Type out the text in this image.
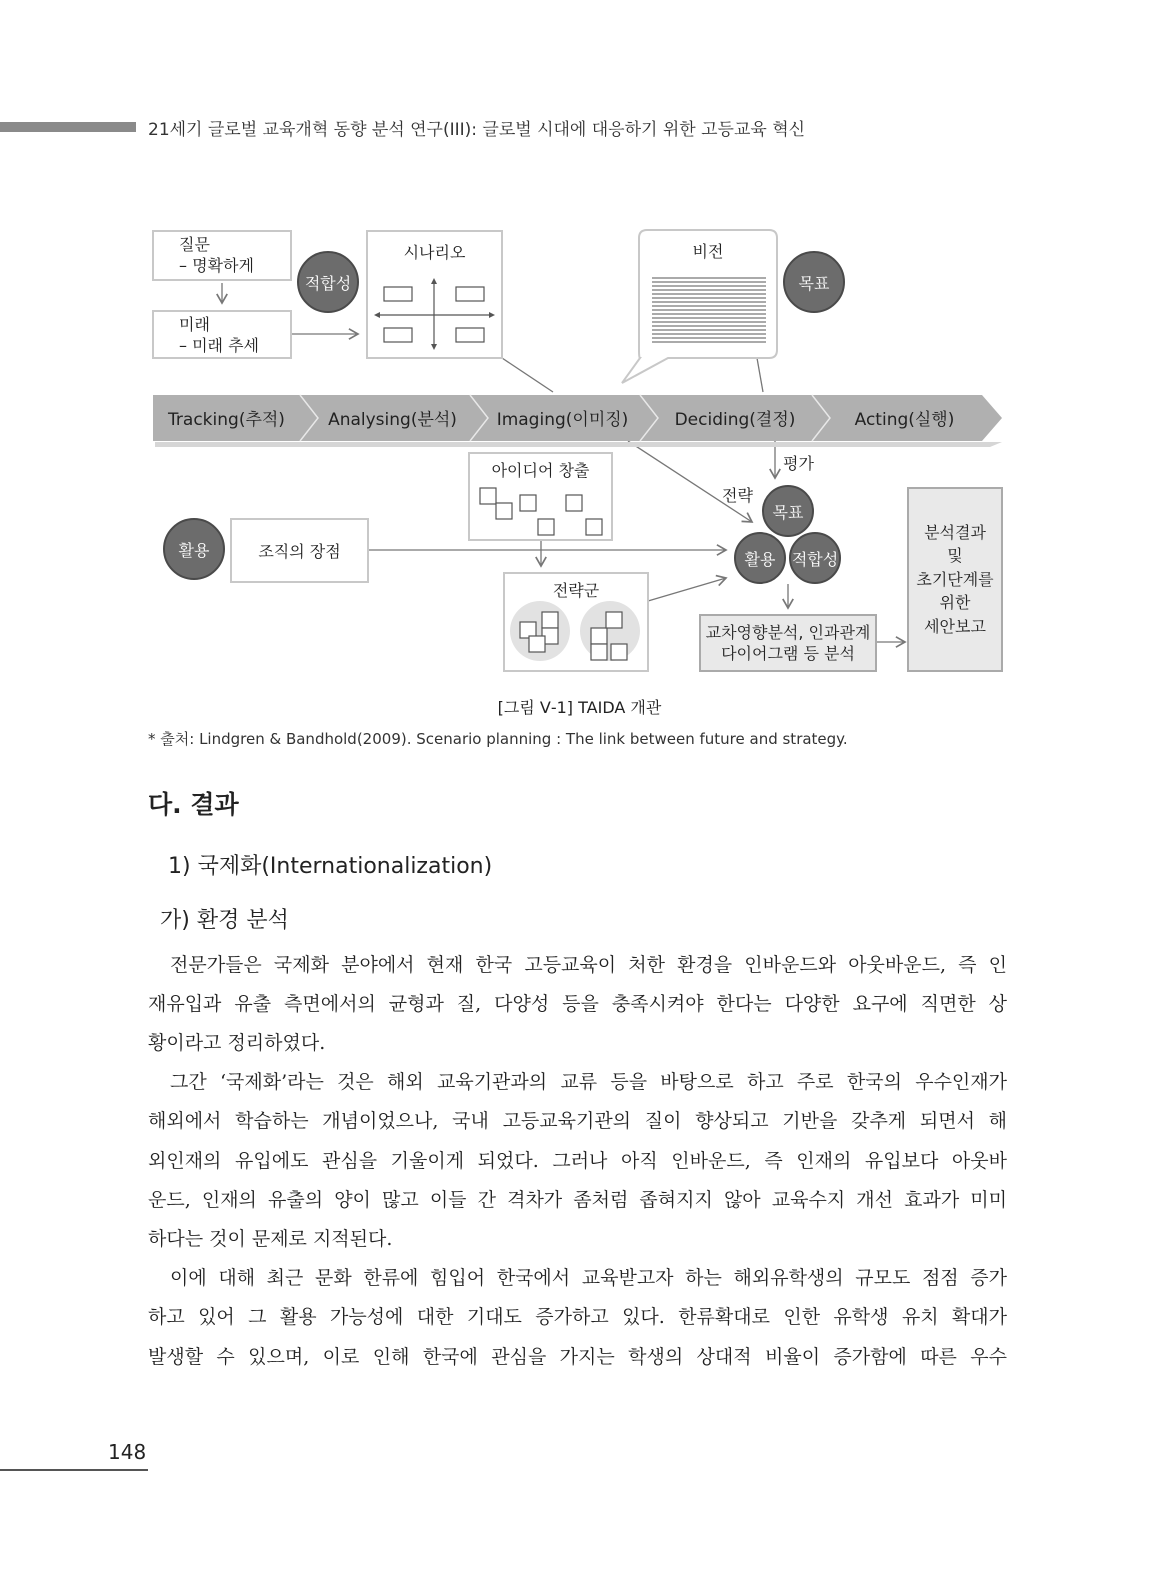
21세기 글로벌 교육개혁 동향 분석 연구(III): 글로벌 시대에 대응하기 위한 고등교육 혁신
질문
– 명확하게
미래
– 미래 추세
적합성
시나리오	비전
목표
Tracking(추적)	Analysing(분석)	Imaging(이미징)	Deciding(결정)	Acting(실행)
평가
전략
아이디어 창출
활용	조직의 장점
전략군
목표
활용	적합성
교차영향분석, 인과관계
다이어그램 등 분석
분석결과
및
초기단계를
위한
세안보고
[그림 Ⅴ-1] TAIDA 개관
* 출처: Lindgren & Bandhold(2009). Scenario planning : The link between future and strategy.
다. 결과
1) 국제화(Internationalization)
가) 환경 분석
전문가들은 국제화 분야에서 현재 한국 고등교육이 처한 환경을 인바운드와 아웃바운드, 즉 인
재유입과 유출 측면에서의 균형과 질, 다양성 등을 충족시켜야 한다는 다양한 요구에 직면한 상
황이라고 정리하였다.
그간 ‘국제화’라는 것은 해외 교육기관과의 교류 등을 바탕으로 하고 주로 한국의 우수인재가
해외에서 학습하는 개념이었으나, 국내 고등교육기관의 질이 향상되고 기반을 갖추게 되면서 해
외인재의 유입에도 관심을 기울이게 되었다. 그러나 아직 인바운드, 즉 인재의 유입보다 아웃바
운드, 인재의 유출의 양이 많고 이들 간 격차가 좀처럼 좁혀지지 않아 교육수지 개선 효과가 미미
하다는 것이 문제로 지적된다.
이에 대해 최근 문화 한류에 힘입어 한국에서 교육받고자 하는 해외유학생의 규모도 점점 증가
하고 있어 그 활용 가능성에 대한 기대도 증가하고 있다. 한류확대로 인한 유학생 유치 확대가
발생할 수 있으며, 이로 인해 한국에 관심을 가지는 학생의 상대적 비율이 증가함에 따른 우수
148
